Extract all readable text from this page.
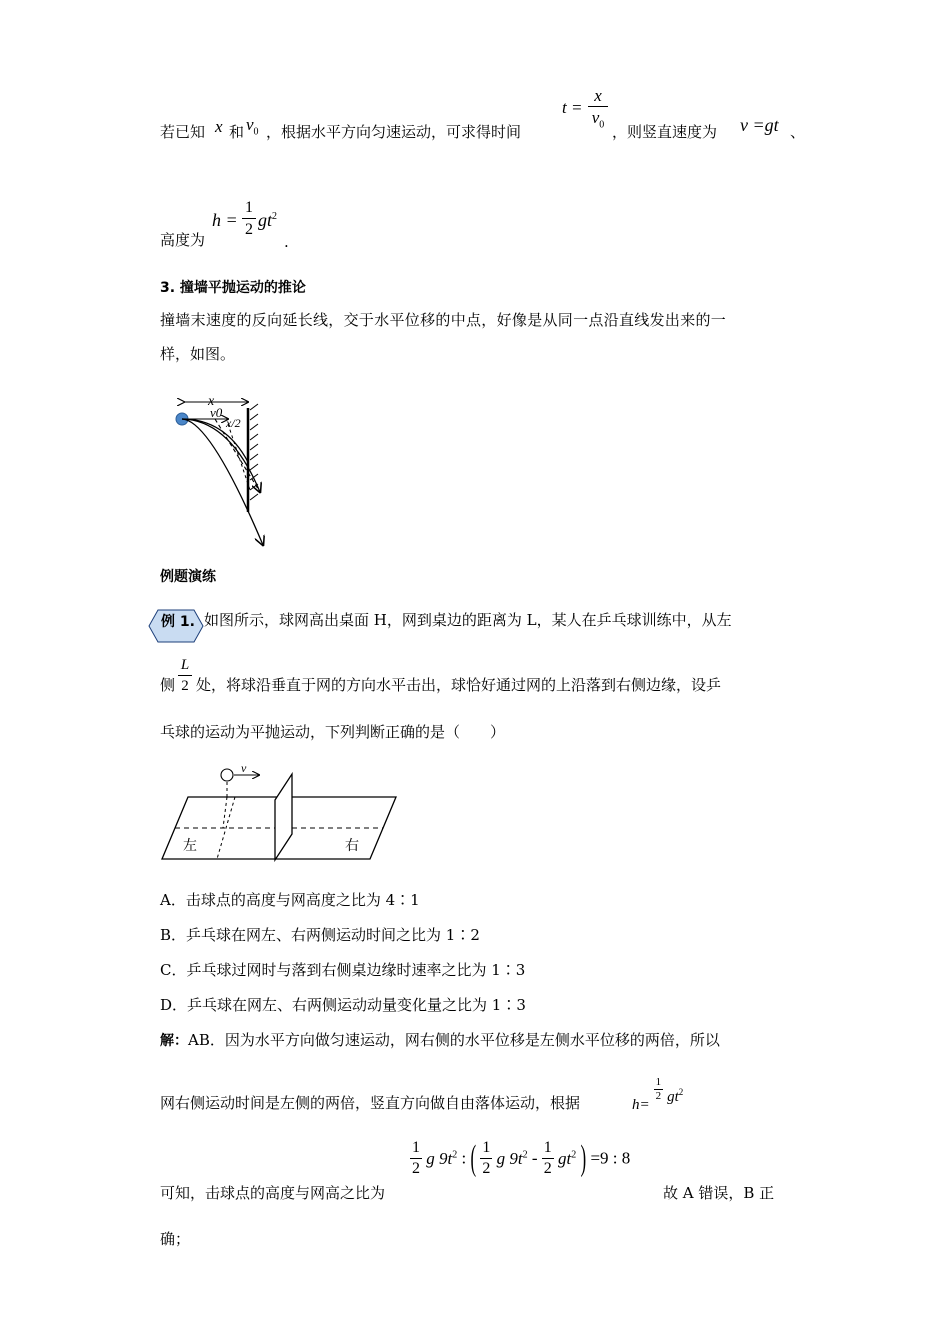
若已知 x 和 $v_0$ ，根据水平方向匀速运动，可求得时间
t =
x
$v_0$ ，则竖直速度为 v =gt 、
高度为
h =
1
2 $gt^2$
.
3. 撞墙平抛运动的推论
撞墙末速度的反向延长线，交于水平位移的中点，好像是从同一点沿直线发出来的一
样，如图。
x
v0
x/2
例题演练
例 1. 如图所示，球网高出桌面 H，网到桌边的距离为 L，某人在乒乓球训练中，从左
侧
L
2 处，将球沿垂直于网的方向水平击出，球恰好通过网的上沿落到右侧边缘，设乒
乓球的运动为平抛运动，下列判断正确的是（　　）
v
左	右
A．击球点的高度与网高度之比为 4∶1
B．乒乓球在网左、右两侧运动时间之比为 1∶2
C．乒乓球过网时与落到右侧桌边缘时速率之比为 1∶3
D．乒乓球在网左、右两侧运动动量变化量之比为 1∶3
解：AB．因为水平方向做匀速运动，网右侧的水平位移是左侧水平位移的两倍，所以
网右侧运动时间是左侧的两倍，竖直方向做自由落体运动，根据	h=
$\frac{1}{2} gt^2$
可知，击球点的高度与网高之比为
$\frac{1}{2}$ g $9t^2$ : ( $\frac{1}{2}$ g $9t^2 - \frac{1}{2} gt^2$ ) =9 : 8
故 A 错误，B 正
确；
